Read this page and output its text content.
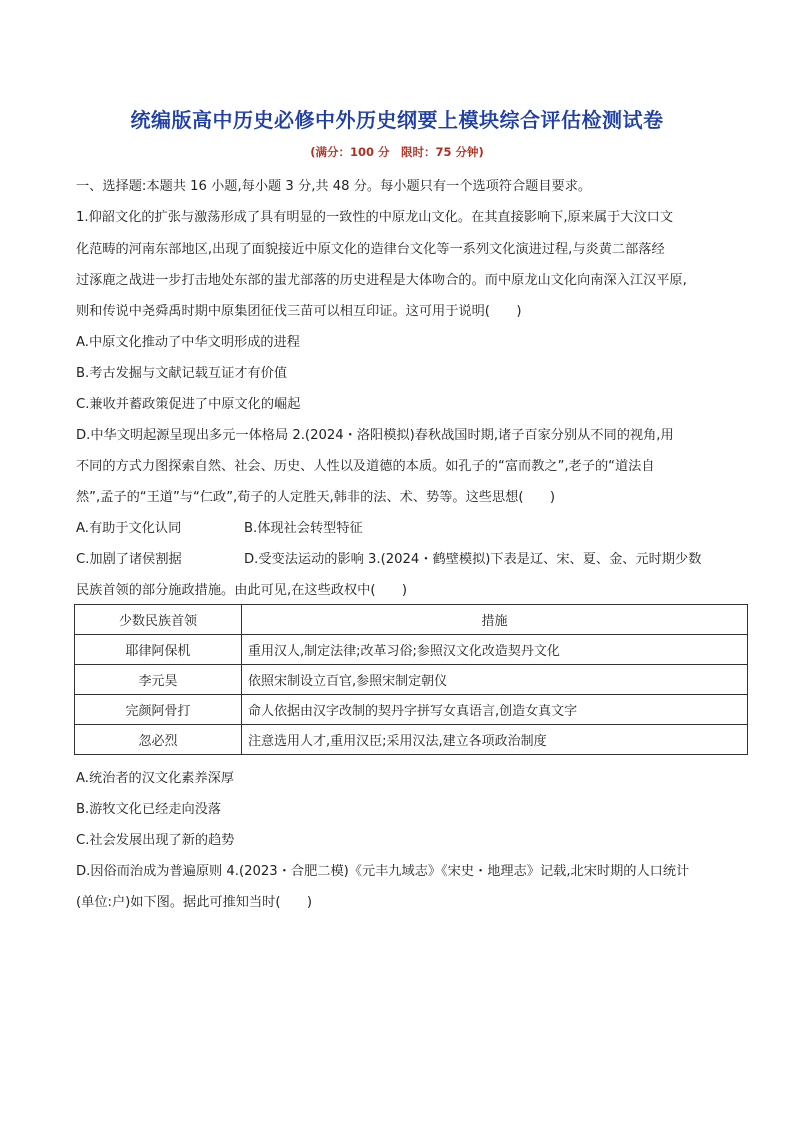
统编版高中历史必修中外历史纲要上模块综合评估检测试卷
(满分：100 分　限时：75 分钟)
一、选择题:本题共 16 小题,每小题 3 分,共 48 分。每小题只有一个选项符合题目要求。
1.仰韶文化的扩张与激荡形成了具有明显的一致性的中原龙山文化。在其直接影响下,原来属于大汶口文
化范畴的河南东部地区,出现了面貌接近中原文化的造律台文化等一系列文化演进过程,与炎黄二部落经
过涿鹿之战进一步打击地处东部的蚩尤部落的历史进程是大体吻合的。而中原龙山文化向南深入江汉平原,
则和传说中尧舜禹时期中原集团征伐三苗可以相互印证。这可用于说明(　　)
A.中原文化推动了中华文明形成的进程
B.考古发掘与文献记载互证才有价值
C.兼收并蓄政策促进了中原文化的崛起
D.中华文明起源呈现出多元一体格局 2.(2024・洛阳模拟)春秋战国时期,诸子百家分别从不同的视角,用
不同的方式力图探索自然、社会、历史、人性以及道德的本质。如孔子的“富而教之”,老子的“道法自
然”,孟子的“王道”与“仁政”,荀子的人定胜天,韩非的法、术、势等。这些思想(　　)
A.有助于文化认同	B.体现社会转型特征
C.加剧了诸侯割据	D.受变法运动的影响 3.(2024・鹤壁模拟)下表是辽、宋、夏、金、元时期少数
民族首领的部分施政措施。由此可见,在这些政权中(　　)
少数民族首领	措施
耶律阿保机	重用汉人,制定法律;改革习俗;参照汉文化改造契丹文化
李元昊	依照宋制设立百官,参照宋制定朝仪
完颜阿骨打	命人依据由汉字改制的契丹字拼写女真语言,创造女真文字
忽必烈	注意选用人才,重用汉臣;采用汉法,建立各项政治制度
A.统治者的汉文化素养深厚
B.游牧文化已经走向没落
C.社会发展出现了新的趋势
D.因俗而治成为普遍原则 4.(2023・合肥二模)《元丰九域志》《宋史・地理志》记载,北宋时期的人口统计
(单位:户)如下图。据此可推知当时(　　)
